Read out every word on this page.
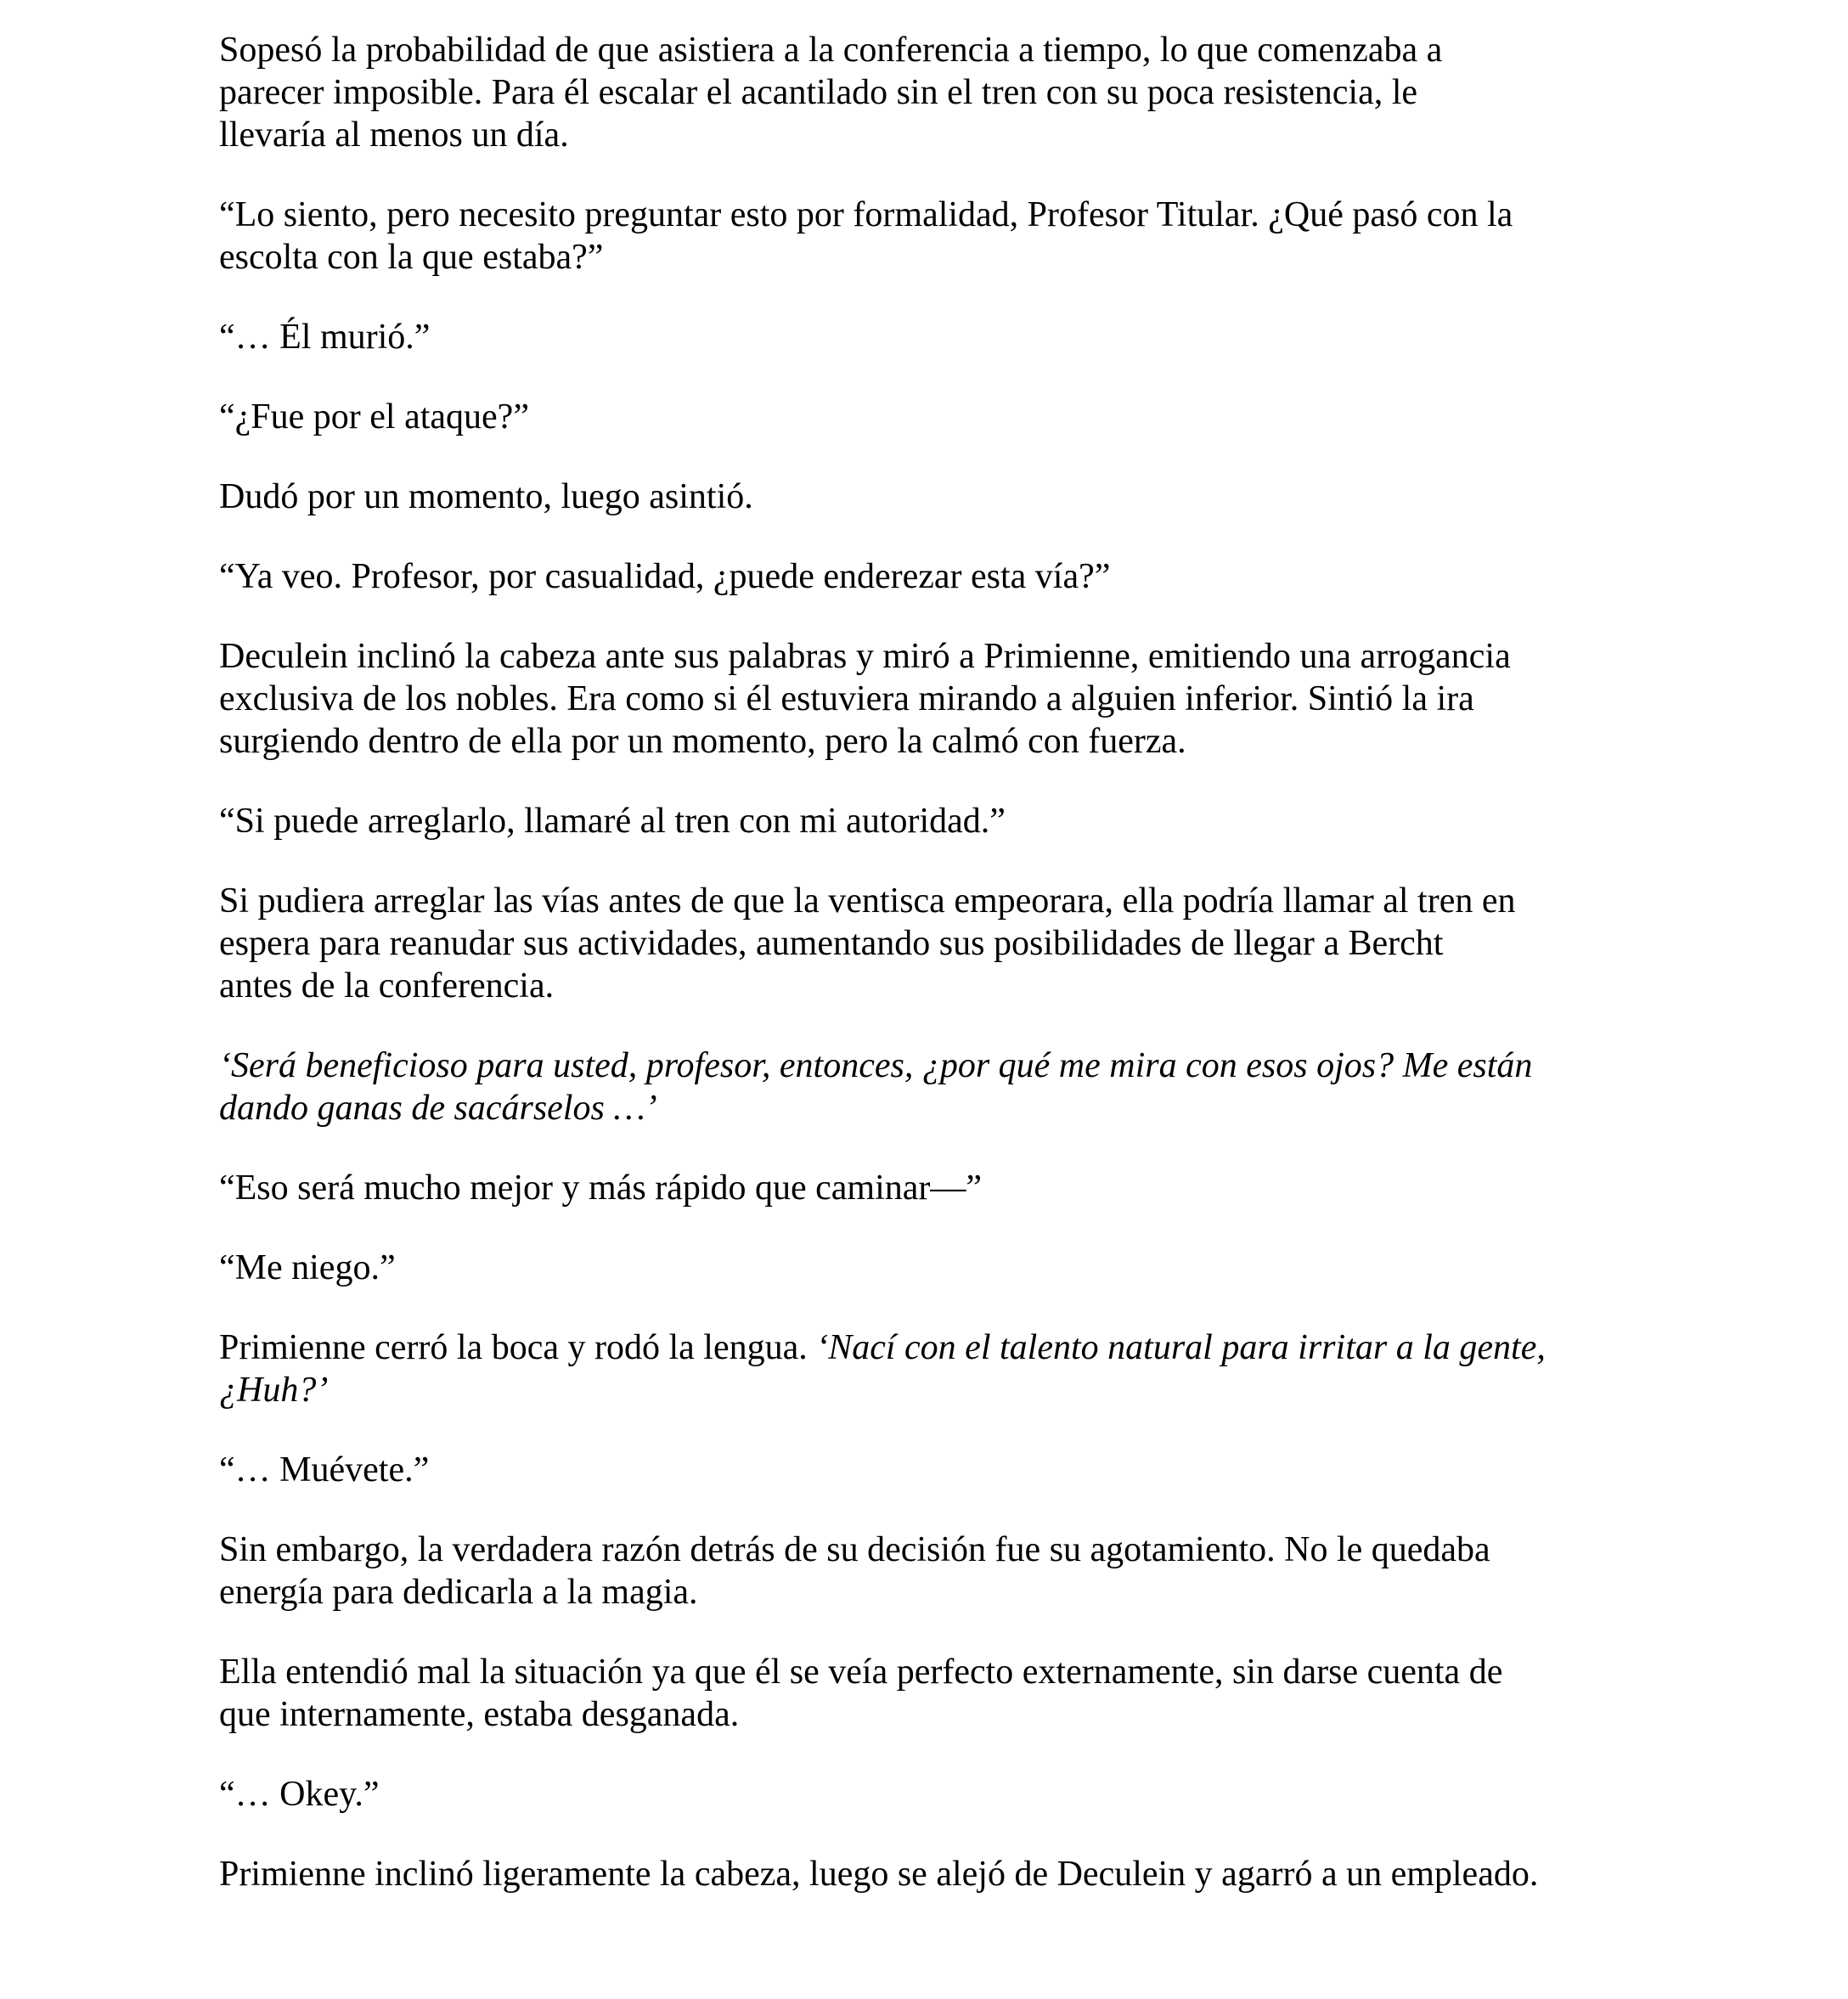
Sopesó la probabilidad de que asistiera a la conferencia a tiempo, lo que comenzaba a
parecer imposible. Para él escalar el acantilado sin el tren con su poca resistencia, le
llevaría al menos un día.

“Lo siento, pero necesito preguntar esto por formalidad, Profesor Titular. ¿Qué pasó con la
escolta con la que estaba?”

“… Él murió.”

“¿Fue por el ataque?”

Dudó por un momento, luego asintió.

“Ya veo. Profesor, por casualidad, ¿puede enderezar esta vía?”

Deculein inclinó la cabeza ante sus palabras y miró a Primienne, emitiendo una arrogancia
exclusiva de los nobles. Era como si él estuviera mirando a alguien inferior. Sintió la ira
surgiendo dentro de ella por un momento, pero la calmó con fuerza.

“Si puede arreglarlo, llamaré al tren con mi autoridad.”

Si pudiera arreglar las vías antes de que la ventisca empeorara, ella podría llamar al tren en
espera para reanudar sus actividades, aumentando sus posibilidades de llegar a Bercht
antes de la conferencia.

‘Será beneficioso para usted, profesor, entonces, ¿por qué me mira con esos ojos? Me están
dando ganas de sacárselos …’

“Eso será mucho mejor y más rápido que caminar—”

“Me niego.”

Primienne cerró la boca y rodó la lengua. ‘Nací con el talento natural para irritar a la gente,
¿Huh?’

“… Muévete.”

Sin embargo, la verdadera razón detrás de su decisión fue su agotamiento. No le quedaba
energía para dedicarla a la magia.

Ella entendió mal la situación ya que él se veía perfecto externamente, sin darse cuenta de
que internamente, estaba desganada.

“… Okey.”

Primienne inclinó ligeramente la cabeza, luego se alejó de Deculein y agarró a un empleado.
